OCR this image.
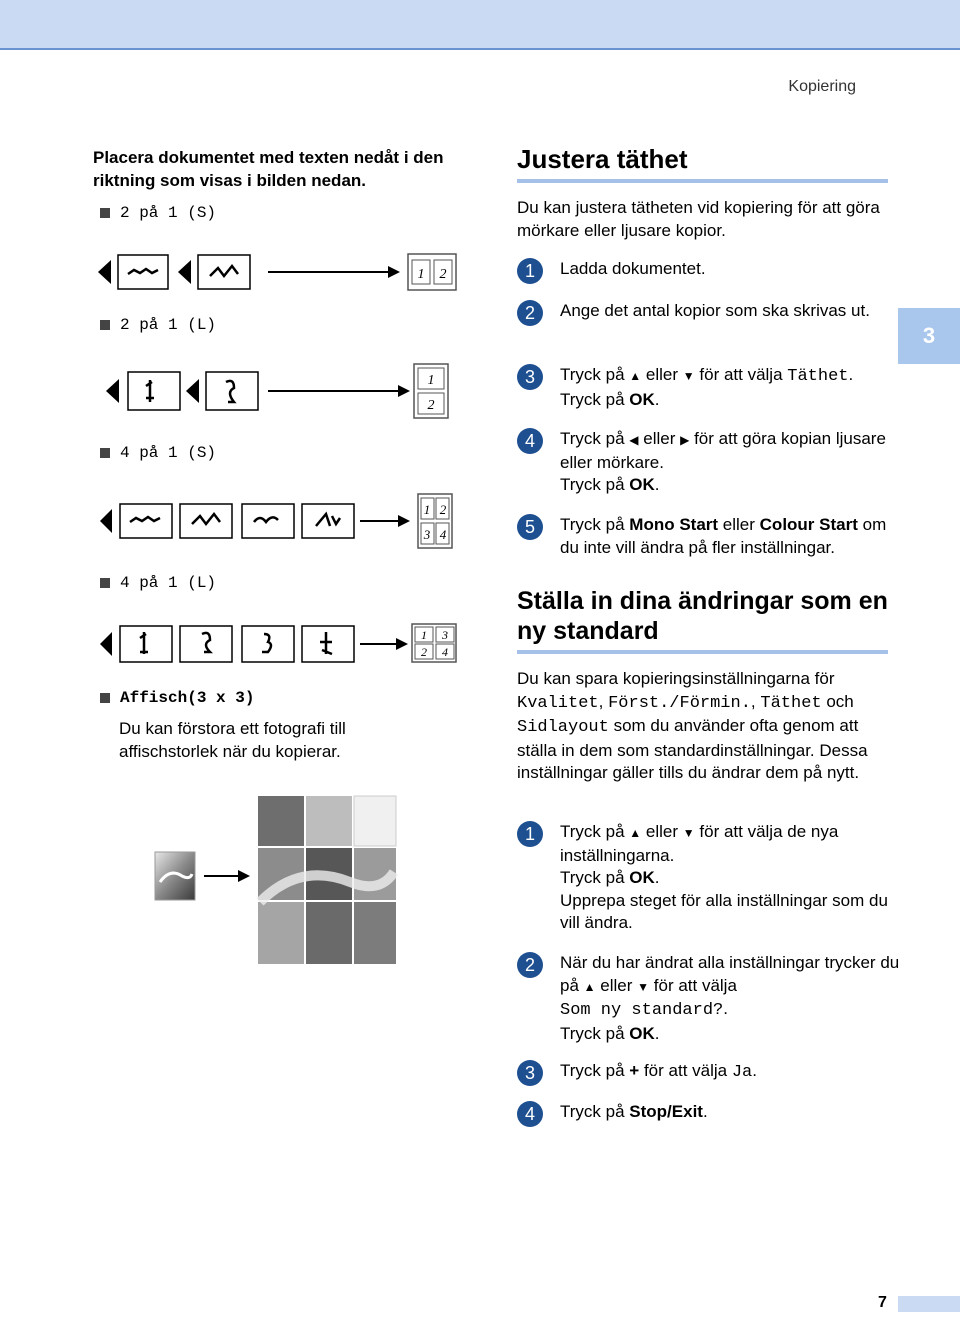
Kopiering
3
Placera dokumentet med texten nedåt i den riktning som visas i bilden nedan.
2 på 1 (S)
1 2
2 på 1 (L)
1
2
4 på 1 (S)
1 2
3 4
4 på 1 (L)
1 3
2 4
Affisch(3 x 3)
Du kan förstora ett fotografi till affischstorlek när du kopierar.
Justera täthet
Du kan justera tätheten vid kopiering för att göra mörkare eller ljusare kopior.
1	Ladda dokumentet.
2	Ange det antal kopior som ska skrivas ut.
3	Tryck på ▲ eller ▼ för att välja Täthet.
Tryck på OK.
4	Tryck på ◀ eller ▶ för att göra kopian ljusare eller mörkare.
Tryck på OK.
5	Tryck på Mono Start eller Colour Start om du inte vill ändra på fler inställningar.
Ställa in dina ändringar som en ny standard
Du kan spara kopieringsinställningarna för Kvalitet, Först./Förmin., Täthet och Sidlayout som du använder ofta genom att ställa in dem som standardinställningar. Dessa inställningar gäller tills du ändrar dem på nytt.
1	Tryck på ▲ eller ▼ för att välja de nya inställningarna.
Tryck på OK.
Upprepa steget för alla inställningar som du vill ändra.
2	När du har ändrat alla inställningar trycker du på ▲ eller ▼ för att välja
Som ny standard?.
Tryck på OK.
3	Tryck på + för att välja Ja.
4	Tryck på Stop/Exit.
7
